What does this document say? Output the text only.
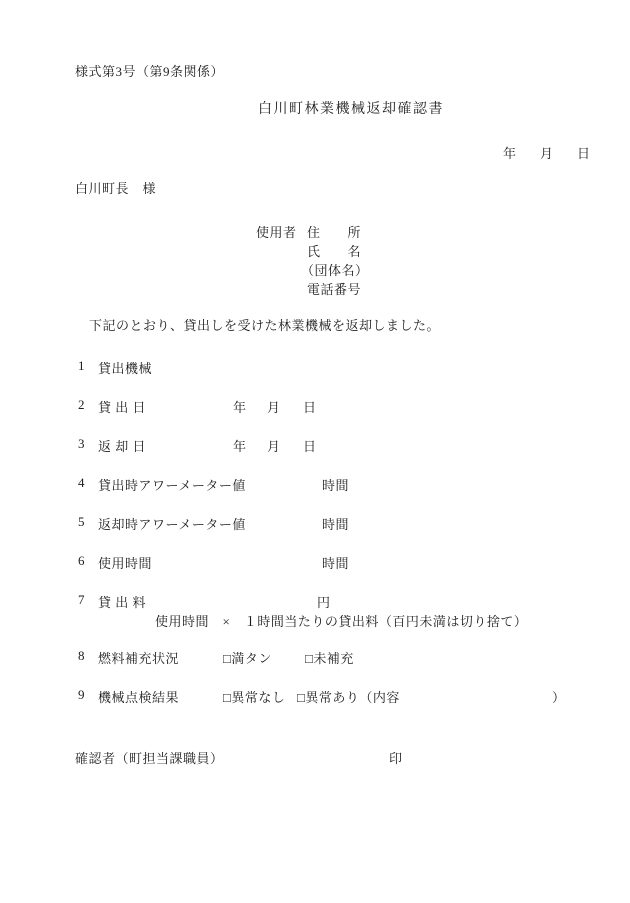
様式第3号（第9条関係）
白川町林業機械返却確認書
年 月 日
白川町長　様
使用者 住　　所
氏　　名
（団体名）
電話番号
下記のとおり、貸出しを受けた林業機械を返却しました。
1 貸出機械
2 貸 出 日	年 月 日
3 返 却 日	年 月 日
4 貸出時アワーメーター値	時間
5 返却時アワーメーター値	時間
6 使用時間	時間
7 貸 出 料	円
使用時間　×　１時間当たりの貸出料（百円未満は切り捨て）
8 燃料補充状況	□満タン	□未補充
9 機械点検結果	□異常なし □異常あり（内容	）
確認者（町担当課職員）	印
